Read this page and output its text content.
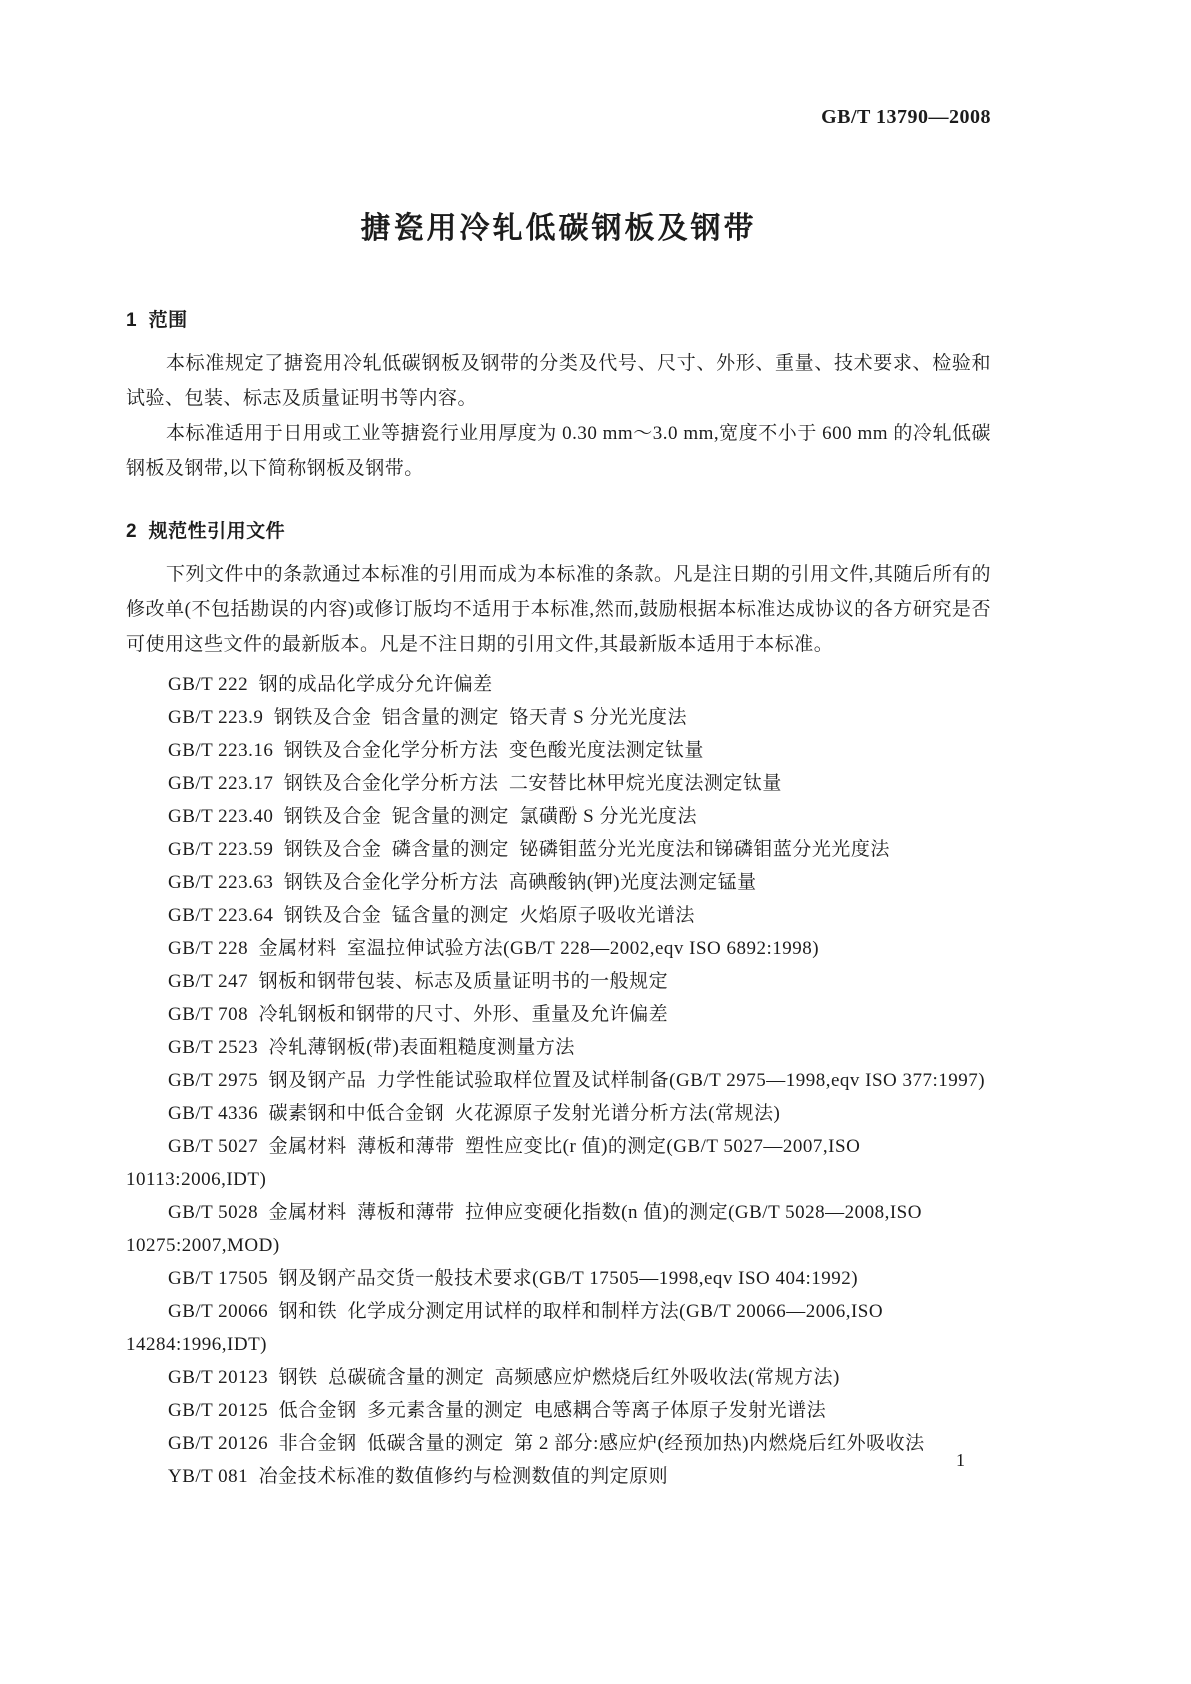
GB/T 13790—2008
搪瓷用冷轧低碳钢板及钢带
1  范围

本标准规定了搪瓷用冷轧低碳钢板及钢带的分类及代号、尺寸、外形、重量、技术要求、检验和试验、包装、标志及质量证明书等内容。

本标准适用于日用或工业等搪瓷行业用厚度为 0.30 mm～3.0 mm,宽度不小于 600 mm 的冷轧低碳钢板及钢带,以下简称钢板及钢带。

2  规范性引用文件

下列文件中的条款通过本标准的引用而成为本标准的条款。凡是注日期的引用文件,其随后所有的修改单(不包括勘误的内容)或修订版均不适用于本标准,然而,鼓励根据本标准达成协议的各方研究是否可使用这些文件的最新版本。凡是不注日期的引用文件,其最新版本适用于本标准。

GB/T 222  钢的成品化学成分允许偏差

GB/T 223.9  钢铁及合金  铝含量的测定  铬天青 S 分光光度法

GB/T 223.16  钢铁及合金化学分析方法  变色酸光度法测定钛量

GB/T 223.17  钢铁及合金化学分析方法  二安替比林甲烷光度法测定钛量

GB/T 223.40  钢铁及合金  铌含量的测定  氯磺酚 S 分光光度法

GB/T 223.59  钢铁及合金  磷含量的测定  铋磷钼蓝分光光度法和锑磷钼蓝分光光度法

GB/T 223.63  钢铁及合金化学分析方法  高碘酸钠(钾)光度法测定锰量

GB/T 223.64  钢铁及合金  锰含量的测定  火焰原子吸收光谱法

GB/T 228  金属材料  室温拉伸试验方法(GB/T 228—2002,eqv ISO 6892:1998)

GB/T 247  钢板和钢带包装、标志及质量证明书的一般规定

GB/T 708  冷轧钢板和钢带的尺寸、外形、重量及允许偏差

GB/T 2523  冷轧薄钢板(带)表面粗糙度测量方法

GB/T 2975  钢及钢产品  力学性能试验取样位置及试样制备(GB/T 2975—1998,eqv ISO 377:1997)

GB/T 4336  碳素钢和中低合金钢  火花源原子发射光谱分析方法(常规法)

GB/T 5027  金属材料  薄板和薄带  塑性应变比(r 值)的测定(GB/T 5027—2007,ISO 10113:2006,IDT)

GB/T 5028  金属材料  薄板和薄带  拉伸应变硬化指数(n 值)的测定(GB/T 5028—2008,ISO 10275:2007,MOD)

GB/T 17505  钢及钢产品交货一般技术要求(GB/T 17505—1998,eqv ISO 404:1992)

GB/T 20066  钢和铁  化学成分测定用试样的取样和制样方法(GB/T 20066—2006,ISO 14284:1996,IDT)

GB/T 20123  钢铁  总碳硫含量的测定  高频感应炉燃烧后红外吸收法(常规方法)

GB/T 20125  低合金钢  多元素含量的测定  电感耦合等离子体原子发射光谱法

GB/T 20126  非合金钢  低碳含量的测定  第 2 部分:感应炉(经预加热)内燃烧后红外吸收法

YB/T 081  冶金技术标准的数值修约与检测数值的判定原则

1
